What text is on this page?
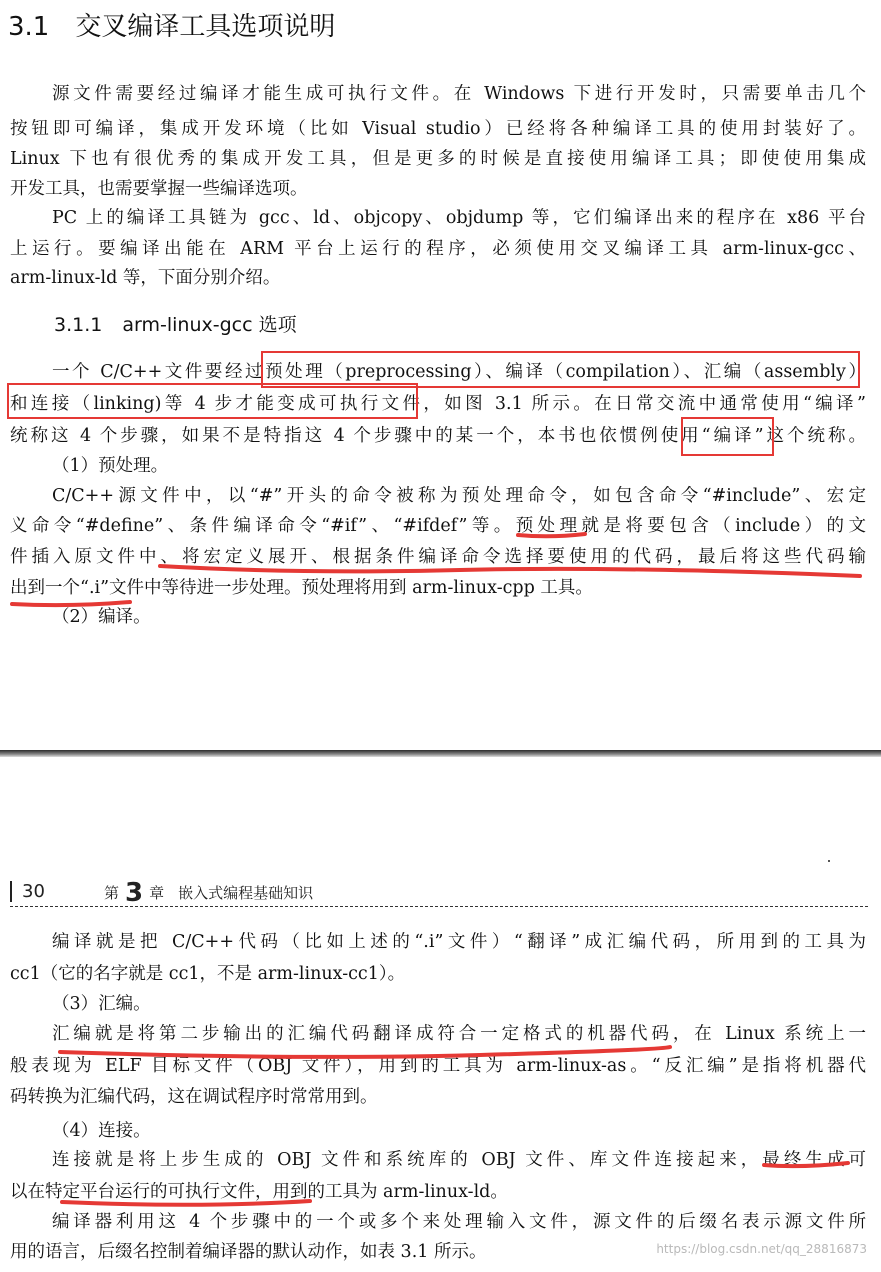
3.1 交叉编译工具选项说明
源文件需要经过编译才能生成可执行文件。在 Windows 下进行开发时，只需要单击几个
按钮即可编译，集成开发环境（比如 Visual studio）已经将各种编译工具的使用封装好了。
Linux 下也有很优秀的集成开发工具，但是更多的时候是直接使用编译工具；即使使用集成
开发工具，也需要掌握一些编译选项。
PC 上的编译工具链为 gcc、ld、objcopy、objdump 等，它们编译出来的程序在 x86 平台
上运行。要编译出能在 ARM 平台上运行的程序，必须使用交叉编译工具 arm-linux-gcc、
arm-linux-ld 等，下面分别介绍。
3.1.1 arm-linux-gcc 选项
一个 C/C++文件要经过预处理（preprocessing）、编译（compilation）、汇编（assembly）
和连接（linking)等 4 步才能变成可执行文件，如图 3.1 所示。在日常交流中通常使用“编译”
统称这 4 个步骤，如果不是特指这 4 个步骤中的某一个，本书也依惯例使用“编译”这个统称。
（1）预处理。
C/C++源文件中，以“#”开头的命令被称为预处理命令，如包含命令“#include”、宏定
义命令“#define”、条件编译命令“#if”、“#ifdef”等。预处理就是将要包含（include）的文
件插入原文件中、将宏定义展开、根据条件编译命令选择要使用的代码，最后将这些代码输
出到一个“.i”文件中等待进一步处理。预处理将用到 arm-linux-cpp 工具。
（2）编译。
30	第 3 章 嵌入式编程基础知识
编译就是把 C/C++代码（比如上述的“.i”文件）“翻译”成汇编代码，所用到的工具为
cc1（它的名字就是 cc1，不是 arm-linux-cc1）。
（3）汇编。
汇编就是将第二步输出的汇编代码翻译成符合一定格式的机器代码，在 Linux 系统上一
般表现为 ELF 目标文件（OBJ 文件），用到的工具为 arm-linux-as。“反汇编”是指将机器代
码转换为汇编代码，这在调试程序时常常用到。
（4）连接。
连接就是将上步生成的 OBJ 文件和系统库的 OBJ 文件、库文件连接起来，最终生成可
以在特定平台运行的可执行文件，用到的工具为 arm-linux-ld。
编译器利用这 4 个步骤中的一个或多个来处理输入文件，源文件的后缀名表示源文件所
用的语言，后缀名控制着编译器的默认动作，如表 3.1 所示。	https://blog.csdn.net/qq_28816873
